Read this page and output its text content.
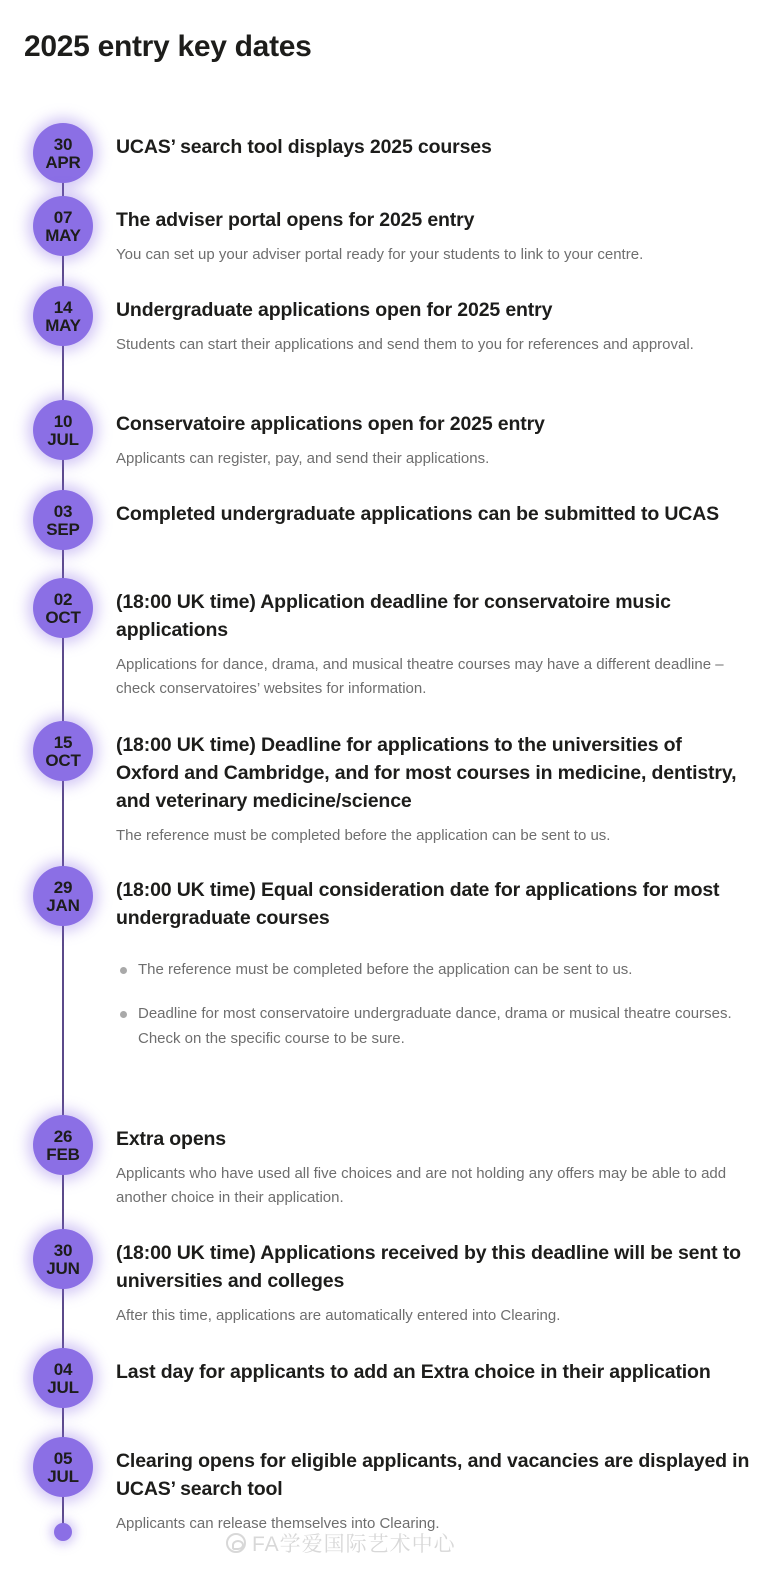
2025 entry key dates
30
APR
UCAS’ search tool displays 2025 courses
07
MAY
The adviser portal opens for 2025 entry

You can set up your adviser portal ready for your students to link to your centre.

14
MAY
Undergraduate applications open for 2025 entry

Students can start their applications and send them to you for references and approval.

10
JUL
Conservatoire applications open for 2025 entry

Applicants can register, pay, and send their applications.

03
SEP
Completed undergraduate applications can be submitted to UCAS
02
OCT
(18:00 UK time) Application deadline for conservatoire music applications

Applications for dance, drama, and musical theatre courses may have a different deadline – check conservatoires’ websites for information.

15
OCT
(18:00 UK time) Deadline for applications to the universities of Oxford and Cambridge, and for most courses in medicine, dentistry, and veterinary medicine/science

The reference must be completed before the application can be sent to us.

29
JAN
(18:00 UK time) Equal consideration date for applications for most undergraduate courses
The reference must be completed before the application can be sent to us.
Deadline for most conservatoire undergraduate dance, drama or musical theatre courses. Check on the specific course to be sure.
26
FEB
Extra opens

Applicants who have used all five choices and are not holding any offers may be able to add another choice in their application.

30
JUN
(18:00 UK time) Applications received by this deadline will be sent to universities and colleges

After this time, applications are automatically entered into Clearing.

04
JUL
Last day for applicants to add an Extra choice in their application
05
JUL
Clearing opens for eligible applicants, and vacancies are displayed in UCAS’ search tool

Applicants can release themselves into Clearing.

FA学爱国际艺术中心
